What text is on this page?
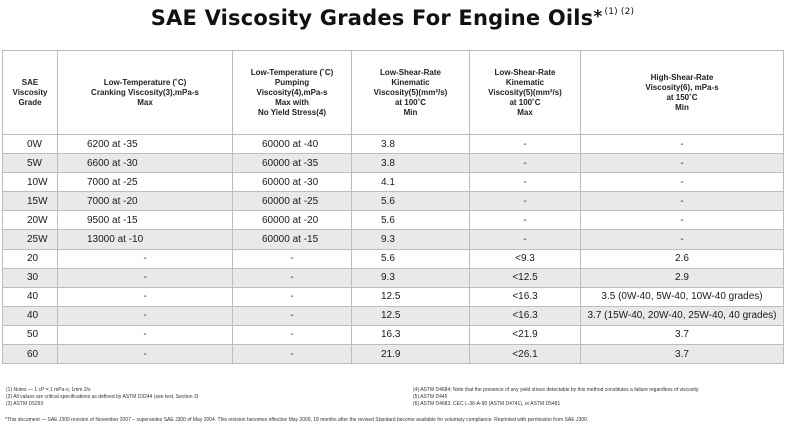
SAE Viscosity Grades For Engine Oils* $^{(1) (2)}$
SAE
Viscosity
Grade	Low-Temperature (˚C)
Cranking Viscosity(3),mPa-s
Max	Low-Temperature (˚C)
Pumping
Viscosity(4),mPa-s
Max with
No Yield Stress(4)	Low-Shear-Rate
Kinematic
Viscosity(5)(mm²/s)
at 100˚C
Min	Low-Shear-Rate
Kinematic
Viscosity(5)(mm²/s)
at 100˚C
Max	High-Shear-Rate
Viscosity(6), mPa-s
at 150˚C
Min
0W	6200 at -35	60000 at -40	3.8	-	-
5W	6600 at -30	60000 at -35	3.8	-	-
10W	7000 at -25	60000 at -30	4.1	-	-
15W	7000 at -20	60000 at -25	5.6	-	-
20W	9500 at -15	60000 at -20	5.6	-	-
25W	13000 at -10	60000 at -15	9.3	-	-
20	-	-	5.6	<9.3	2.6
30	-	-	9.3	<12.5	2.9
40	-	-	12.5	<16.3	3.5 (0W-40, 5W-40, 10W-40 grades)
40	-	-	12.5	<16.3	3.7 (15W-40, 20W-40, 25W-40, 40 grades)
50	-	-	16.3	<21.9	3.7
60	-	-	21.9	<26.1	3.7
(1) Notes — 1 cP = 1 mPa-s; 1mm 2/s
(2) All values are critical specifications as defined by ASTM D3244 (see text, Section 3)
(3) ASTM D5293
(4) ASTM D4684; Note that the presence of any yield stress detectable by this method constitutes a failure regardless of viscosity.
(5) ASTM D445
(6) ASTM D4683, CEC L-36-A-90 (ASTM D4741), or ASTM D5481
*This document — SAE J300 revision of November 2007 – supersedes SAE J300 of May 2004. This revision becomes effective May 2009, 18 months after the revised Standard become available for voluntary compliance. Reprinted with permission from SAE J300.
